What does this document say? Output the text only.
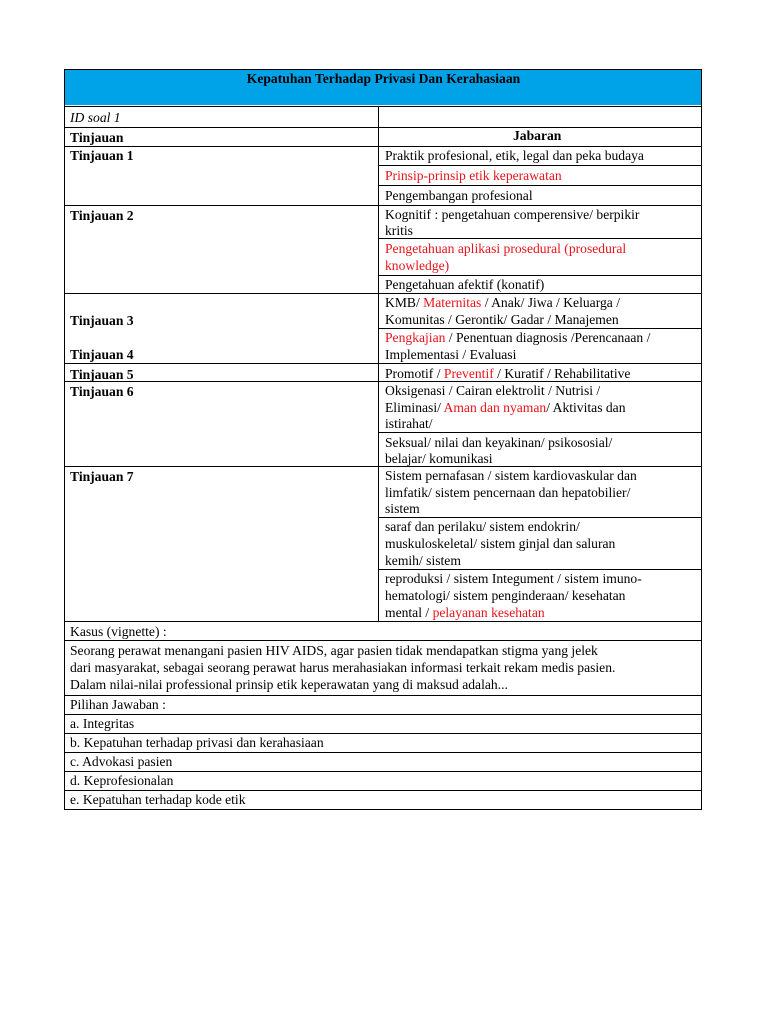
Kepatuhan Terhadap Privasi Dan Kerahasiaan
ID soal 1
Tinjauan	Jabaran
Tinjauan 1
Tinjauan 2
Tinjauan 3
Tinjauan 4
Tinjauan 5
Tinjauan 6
Tinjauan 7
Praktik profesional, etik, legal dan peka budaya
Prinsip-prinsip etik keperawatan
Pengembangan profesional
Kognitif : pengetahuan comperensive/ berpikir
kritis
Pengetahuan aplikasi prosedural (prosedural
knowledge)
Pengetahuan afektif (konatif)
KMB/ Maternitas / Anak/ Jiwa / Keluarga /
Komunitas / Gerontik/ Gadar / Manajemen
Pengkajian / Penentuan diagnosis /Perencanaan /
Implementasi / Evaluasi
Promotif / Preventif / Kuratif / Rehabilitative
Oksigenasi / Cairan elektrolit / Nutrisi /
Eliminasi/ Aman dan nyaman/ Aktivitas dan
istirahat/
Seksual/ nilai dan keyakinan/ psikososial/
belajar/ komunikasi
Sistem pernafasan / sistem kardiovaskular dan
limfatik/ sistem pencernaan dan hepatobilier/
sistem
saraf dan perilaku/ sistem endokrin/
muskuloskeletal/ sistem ginjal dan saluran
kemih/ sistem
reproduksi / sistem Integument / sistem imuno-
hematologi/ sistem penginderaan/ kesehatan
mental / pelayanan kesehatan
Kasus (vignette) :
Seorang perawat menangani pasien HIV AIDS, agar pasien tidak mendapatkan stigma yang jelek
dari masyarakat, sebagai seorang perawat harus merahasiakan informasi terkait rekam medis pasien.
Dalam nilai-nilai professional prinsip etik keperawatan yang di maksud adalah...
Pilihan Jawaban :
a. Integritas
b. Kepatuhan terhadap privasi dan kerahasiaan
c. Advokasi pasien
d. Keprofesionalan
e. Kepatuhan terhadap kode etik
